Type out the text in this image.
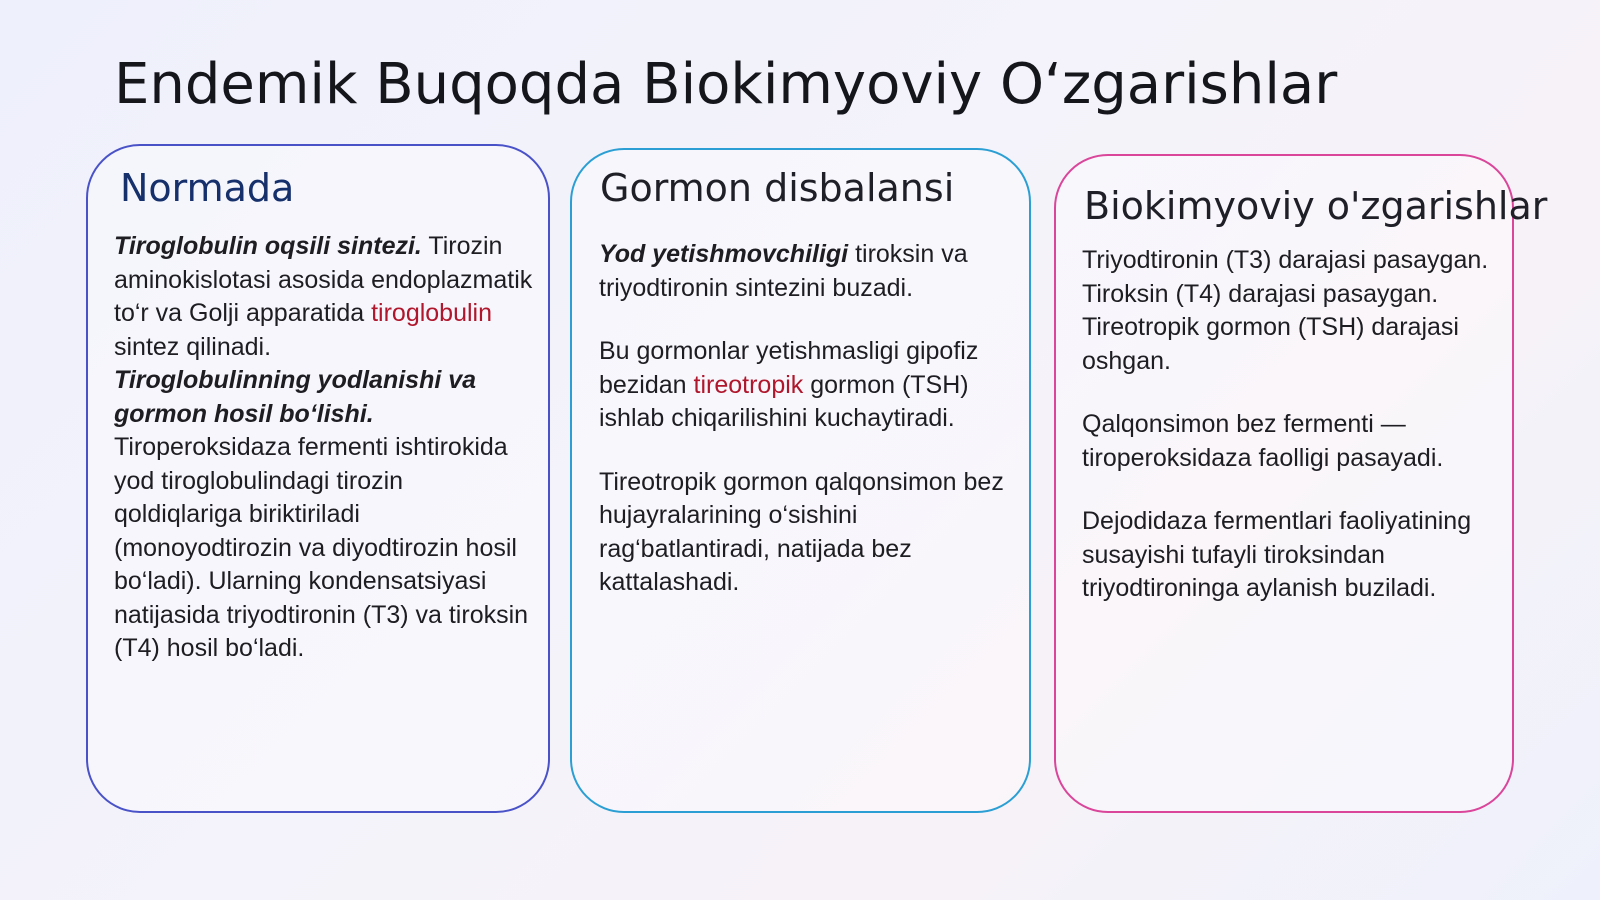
Endemik Buqoqda Biokimyoviy O‘zgarishlar
Normada

Tiroglobulin oqsili sintezi. Tirozin aminokislotasi asosida endoplazmatik to‘r va Golji apparatida tiroglobulin sintez qilinadi.

Tiroglobulinning yodlanishi va gormon hosil bo‘lishi. Tiroperoksidaza fermenti ishtirokida yod tiroglobulindagi tirozin qoldiqlariga biriktiriladi (monoyodtirozin va diyodtirozin hosil bo‘ladi). Ularning kondensatsiyasi natijasida triyodtironin (T3) va tiroksin (T4) hosil bo‘ladi.

Gormon disbalansi

Yod yetishmovchiligi tiroksin va triyodtironin sintezini buzadi.

Bu gormonlar yetishmasligi gipofiz bezidan tireotropik gormon (TSH) ishlab chiqarilishini kuchaytiradi.

Tireotropik gormon qalqonsimon bez hujayralarining o‘sishini rag‘batlantiradi, natijada bez kattalashadi.

Biokimyoviy o'zgarishlar

Triyodtironin (T3) darajasi pasaygan.
Tiroksin (T4) darajasi pasaygan.
Tireotropik gormon (TSH) darajasi oshgan.

Qalqonsimon bez fermenti — tiroperoksidaza faolligi pasayadi.

Dejodidaza fermentlari faoliyatining susayishi tufayli tiroksindan triyodtironinga aylanish buziladi.
